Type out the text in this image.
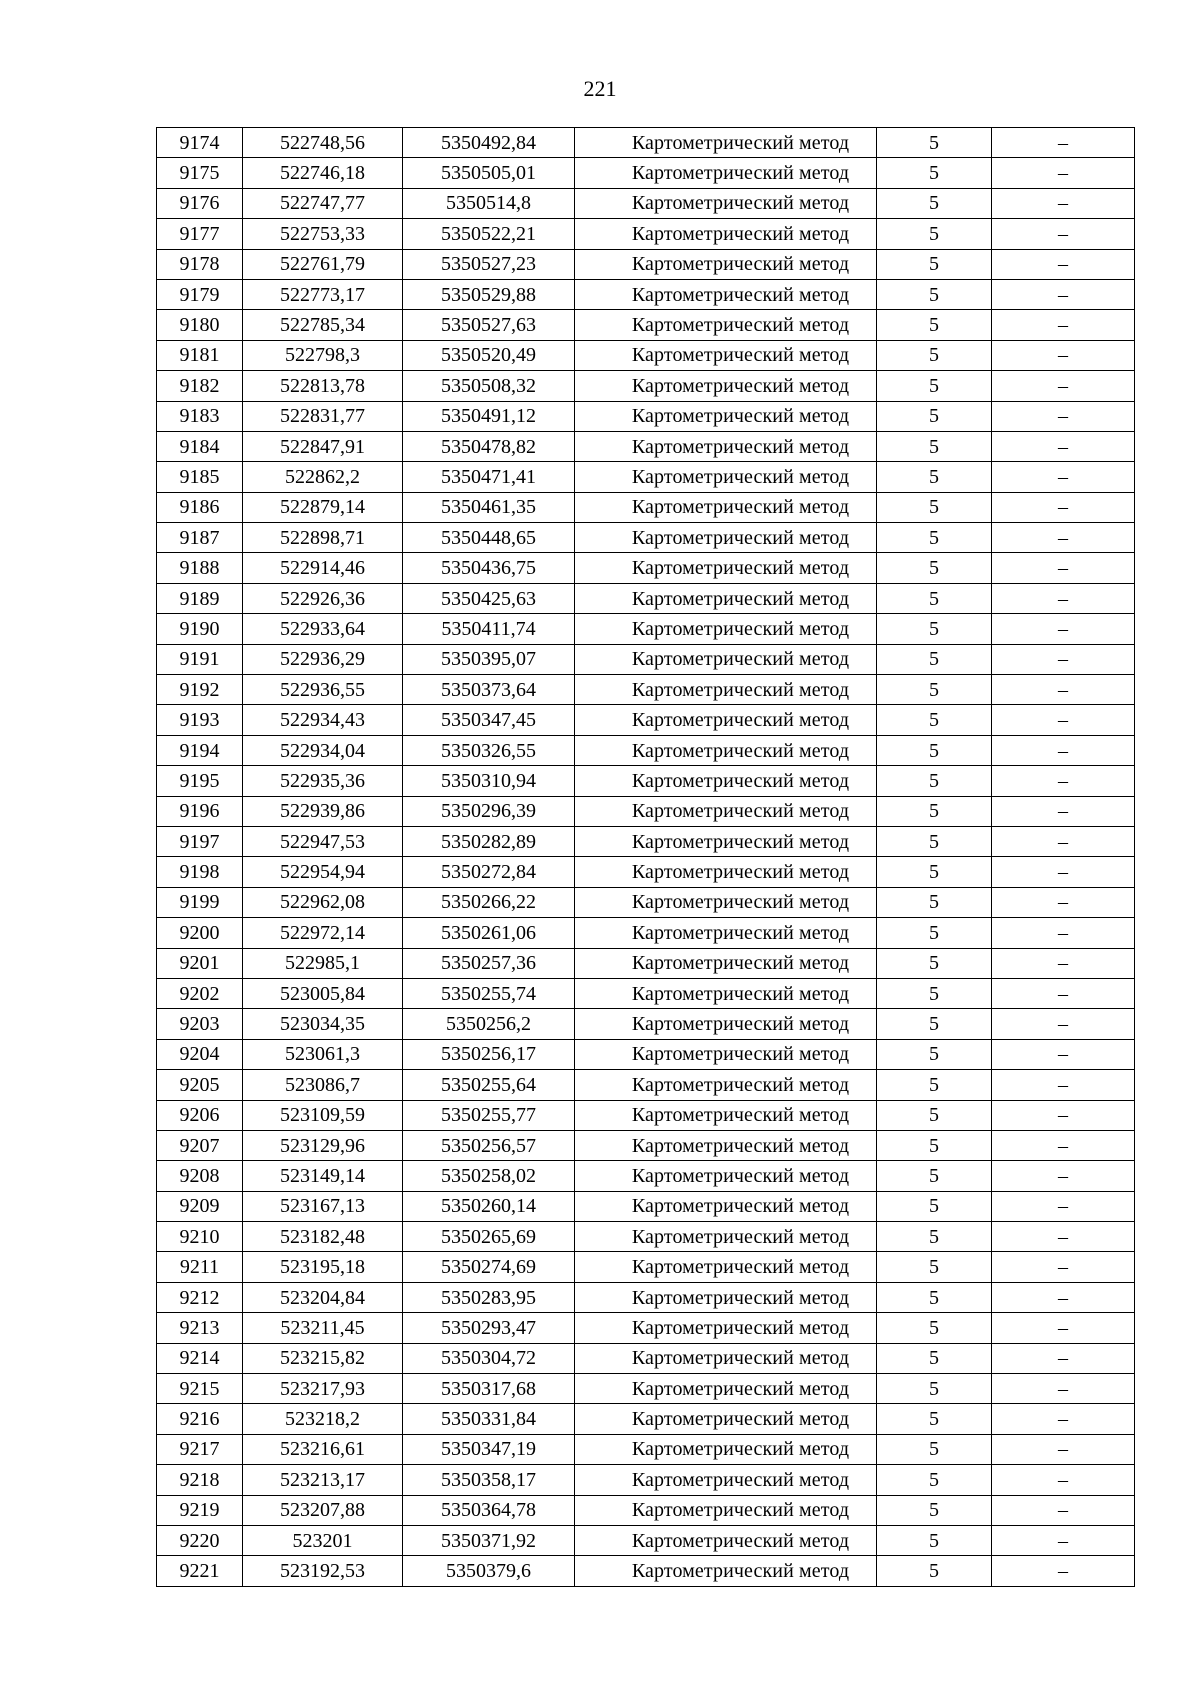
221
9174	522748,56	5350492,84	Картометрический метод	5	–
9175	522746,18	5350505,01	Картометрический метод	5	–
9176	522747,77	5350514,8	Картометрический метод	5	–
9177	522753,33	5350522,21	Картометрический метод	5	–
9178	522761,79	5350527,23	Картометрический метод	5	–
9179	522773,17	5350529,88	Картометрический метод	5	–
9180	522785,34	5350527,63	Картометрический метод	5	–
9181	522798,3	5350520,49	Картометрический метод	5	–
9182	522813,78	5350508,32	Картометрический метод	5	–
9183	522831,77	5350491,12	Картометрический метод	5	–
9184	522847,91	5350478,82	Картометрический метод	5	–
9185	522862,2	5350471,41	Картометрический метод	5	–
9186	522879,14	5350461,35	Картометрический метод	5	–
9187	522898,71	5350448,65	Картометрический метод	5	–
9188	522914,46	5350436,75	Картометрический метод	5	–
9189	522926,36	5350425,63	Картометрический метод	5	–
9190	522933,64	5350411,74	Картометрический метод	5	–
9191	522936,29	5350395,07	Картометрический метод	5	–
9192	522936,55	5350373,64	Картометрический метод	5	–
9193	522934,43	5350347,45	Картометрический метод	5	–
9194	522934,04	5350326,55	Картометрический метод	5	–
9195	522935,36	5350310,94	Картометрический метод	5	–
9196	522939,86	5350296,39	Картометрический метод	5	–
9197	522947,53	5350282,89	Картометрический метод	5	–
9198	522954,94	5350272,84	Картометрический метод	5	–
9199	522962,08	5350266,22	Картометрический метод	5	–
9200	522972,14	5350261,06	Картометрический метод	5	–
9201	522985,1	5350257,36	Картометрический метод	5	–
9202	523005,84	5350255,74	Картометрический метод	5	–
9203	523034,35	5350256,2	Картометрический метод	5	–
9204	523061,3	5350256,17	Картометрический метод	5	–
9205	523086,7	5350255,64	Картометрический метод	5	–
9206	523109,59	5350255,77	Картометрический метод	5	–
9207	523129,96	5350256,57	Картометрический метод	5	–
9208	523149,14	5350258,02	Картометрический метод	5	–
9209	523167,13	5350260,14	Картометрический метод	5	–
9210	523182,48	5350265,69	Картометрический метод	5	–
9211	523195,18	5350274,69	Картометрический метод	5	–
9212	523204,84	5350283,95	Картометрический метод	5	–
9213	523211,45	5350293,47	Картометрический метод	5	–
9214	523215,82	5350304,72	Картометрический метод	5	–
9215	523217,93	5350317,68	Картометрический метод	5	–
9216	523218,2	5350331,84	Картометрический метод	5	–
9217	523216,61	5350347,19	Картометрический метод	5	–
9218	523213,17	5350358,17	Картометрический метод	5	–
9219	523207,88	5350364,78	Картометрический метод	5	–
9220	523201	5350371,92	Картометрический метод	5	–
9221	523192,53	5350379,6	Картометрический метод	5	–
